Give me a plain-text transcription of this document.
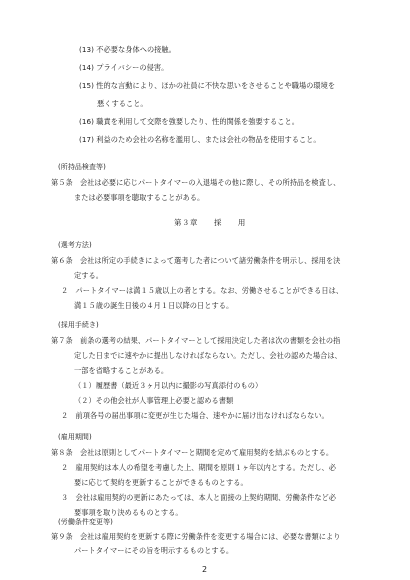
(13) 不必要な身体への接触。
(14) プライバシーの侵害。
(15) 性的な言動により、ほかの社員に不快な思いをさせることや職場の環境を
悪くすること。
(16) 職責を利用して交際を強要したり、性的関係を強要すること。
(17) 利益のため会社の名称を濫用し、または会社の物品を使用すること。
(所持品検査等)
第５条　会社は必要に応じパートタイマーの入退場その他に際し、その所持品を検査し、
または必要事項を聴取することがある。
第３章　　採　　用
(選考方法)
第６条　会社は所定の手続きによって選考した者について諸労働条件を明示し、採用を決
定する。
２　パートタイマーは満１５歳以上の者とする。なお、労働させることができる日は、
満１５歳の誕生日後の４月１日以降の日とする。
(採用手続き)
第７条　前条の選考の結果、パートタイマーとして採用決定した者は次の書類を会社の指
定した日までに速やかに提出しなければならない。ただし、会社の認めた場合は、
一部を省略することがある。
（１）履歴書（最近３ヶ月以内に撮影の写真添付のもの）
（２）その他会社が人事管理上必要と認める書類
２　前項各号の届出事項に変更が生じた場合、速やかに届け出なければならない。
(雇用期間)
第８条　会社は原則としてパートタイマーと期間を定めて雇用契約を結ぶものとする。
２　雇用契約は本人の希望を考慮した上、期間を原則１ヶ年以内とする。ただし、必
要に応じて契約を更新することができるものとする。
３　会社は雇用契約の更新にあたっては、本人と面接の上契約期間、労働条件など必
要事項を取り決めるものとする。
(労働条件変更等)
第９条　会社は雇用契約を更新する際に労働条件を変更する場合には、必要な書類により
パートタイマーにその旨を明示するものとする。
2
